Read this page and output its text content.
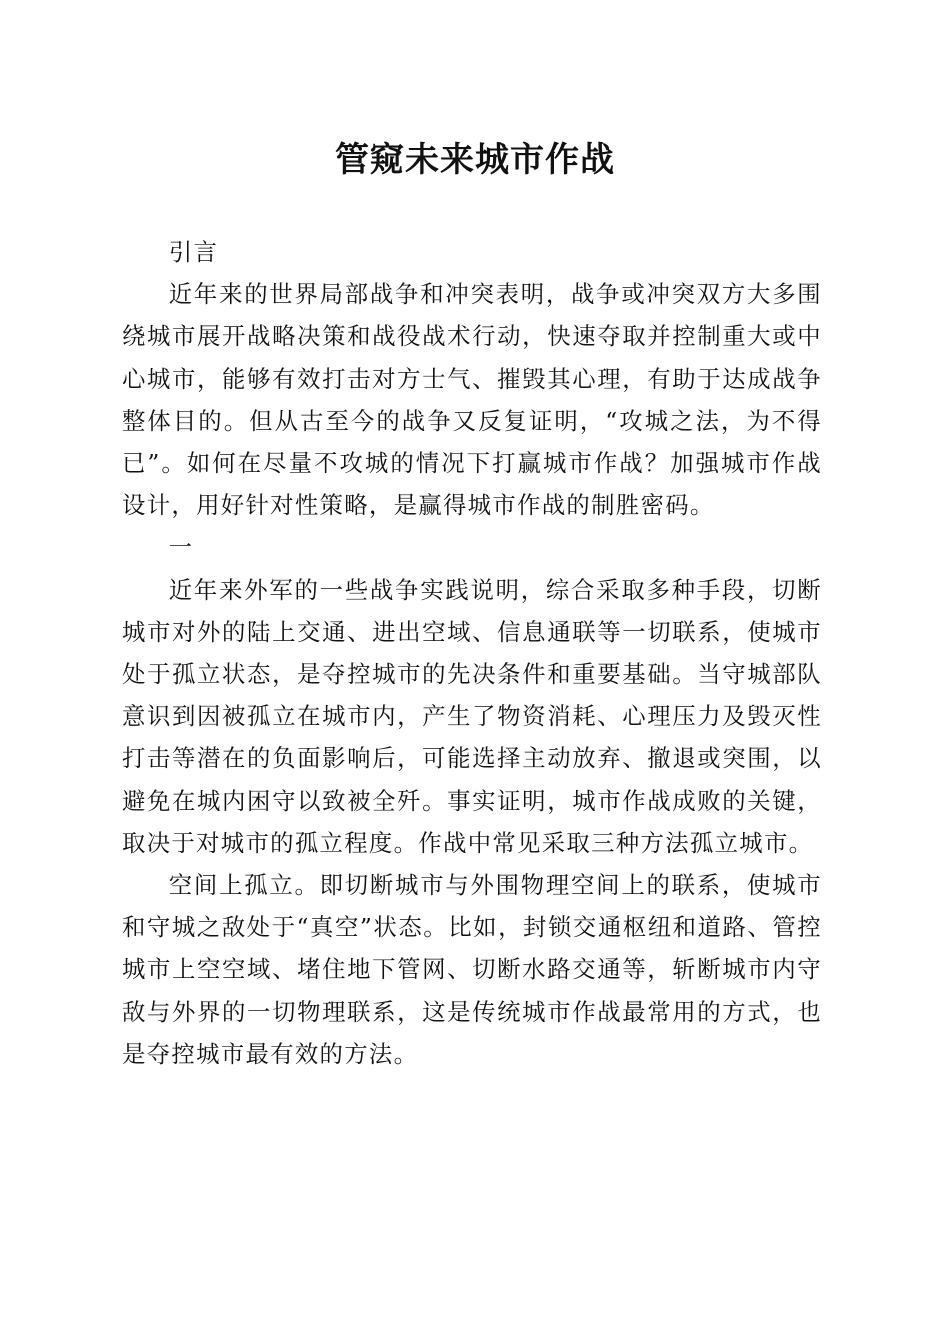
管窥未来城市作战

引言

近年来的世界局部战争和冲突表明，战争或冲突双方大多围绕城市展开战略决策和战役战术行动，快速夺取并控制重大或中心城市，能够有效打击对方士气、摧毁其心理，有助于达成战争整体目的。但从古至今的战争又反复证明，“攻城之法，为不得已”。如何在尽量不攻城的情况下打赢城市作战？加强城市作战设计，用好针对性策略，是赢得城市作战的制胜密码。

一

近年来外军的一些战争实践说明，综合采取多种手段，切断城市对外的陆上交通、进出空域、信息通联等一切联系，使城市处于孤立状态，是夺控城市的先决条件和重要基础。当守城部队意识到因被孤立在城市内，产生了物资消耗、心理压力及毁灭性打击等潜在的负面影响后，可能选择主动放弃、撤退或突围，以避免在城内困守以致被全歼。事实证明，城市作战成败的关键，取决于对城市的孤立程度。作战中常见采取三种方法孤立城市。

空间上孤立。即切断城市与外围物理空间上的联系，使城市和守城之敌处于“真空”状态。比如，封锁交通枢纽和道路、管控城市上空空域、堵住地下管网、切断水路交通等，斩断城市内守敌与外界的一切物理联系，这是传统城市作战最常用的方式，也是夺控城市最有效的方法。
